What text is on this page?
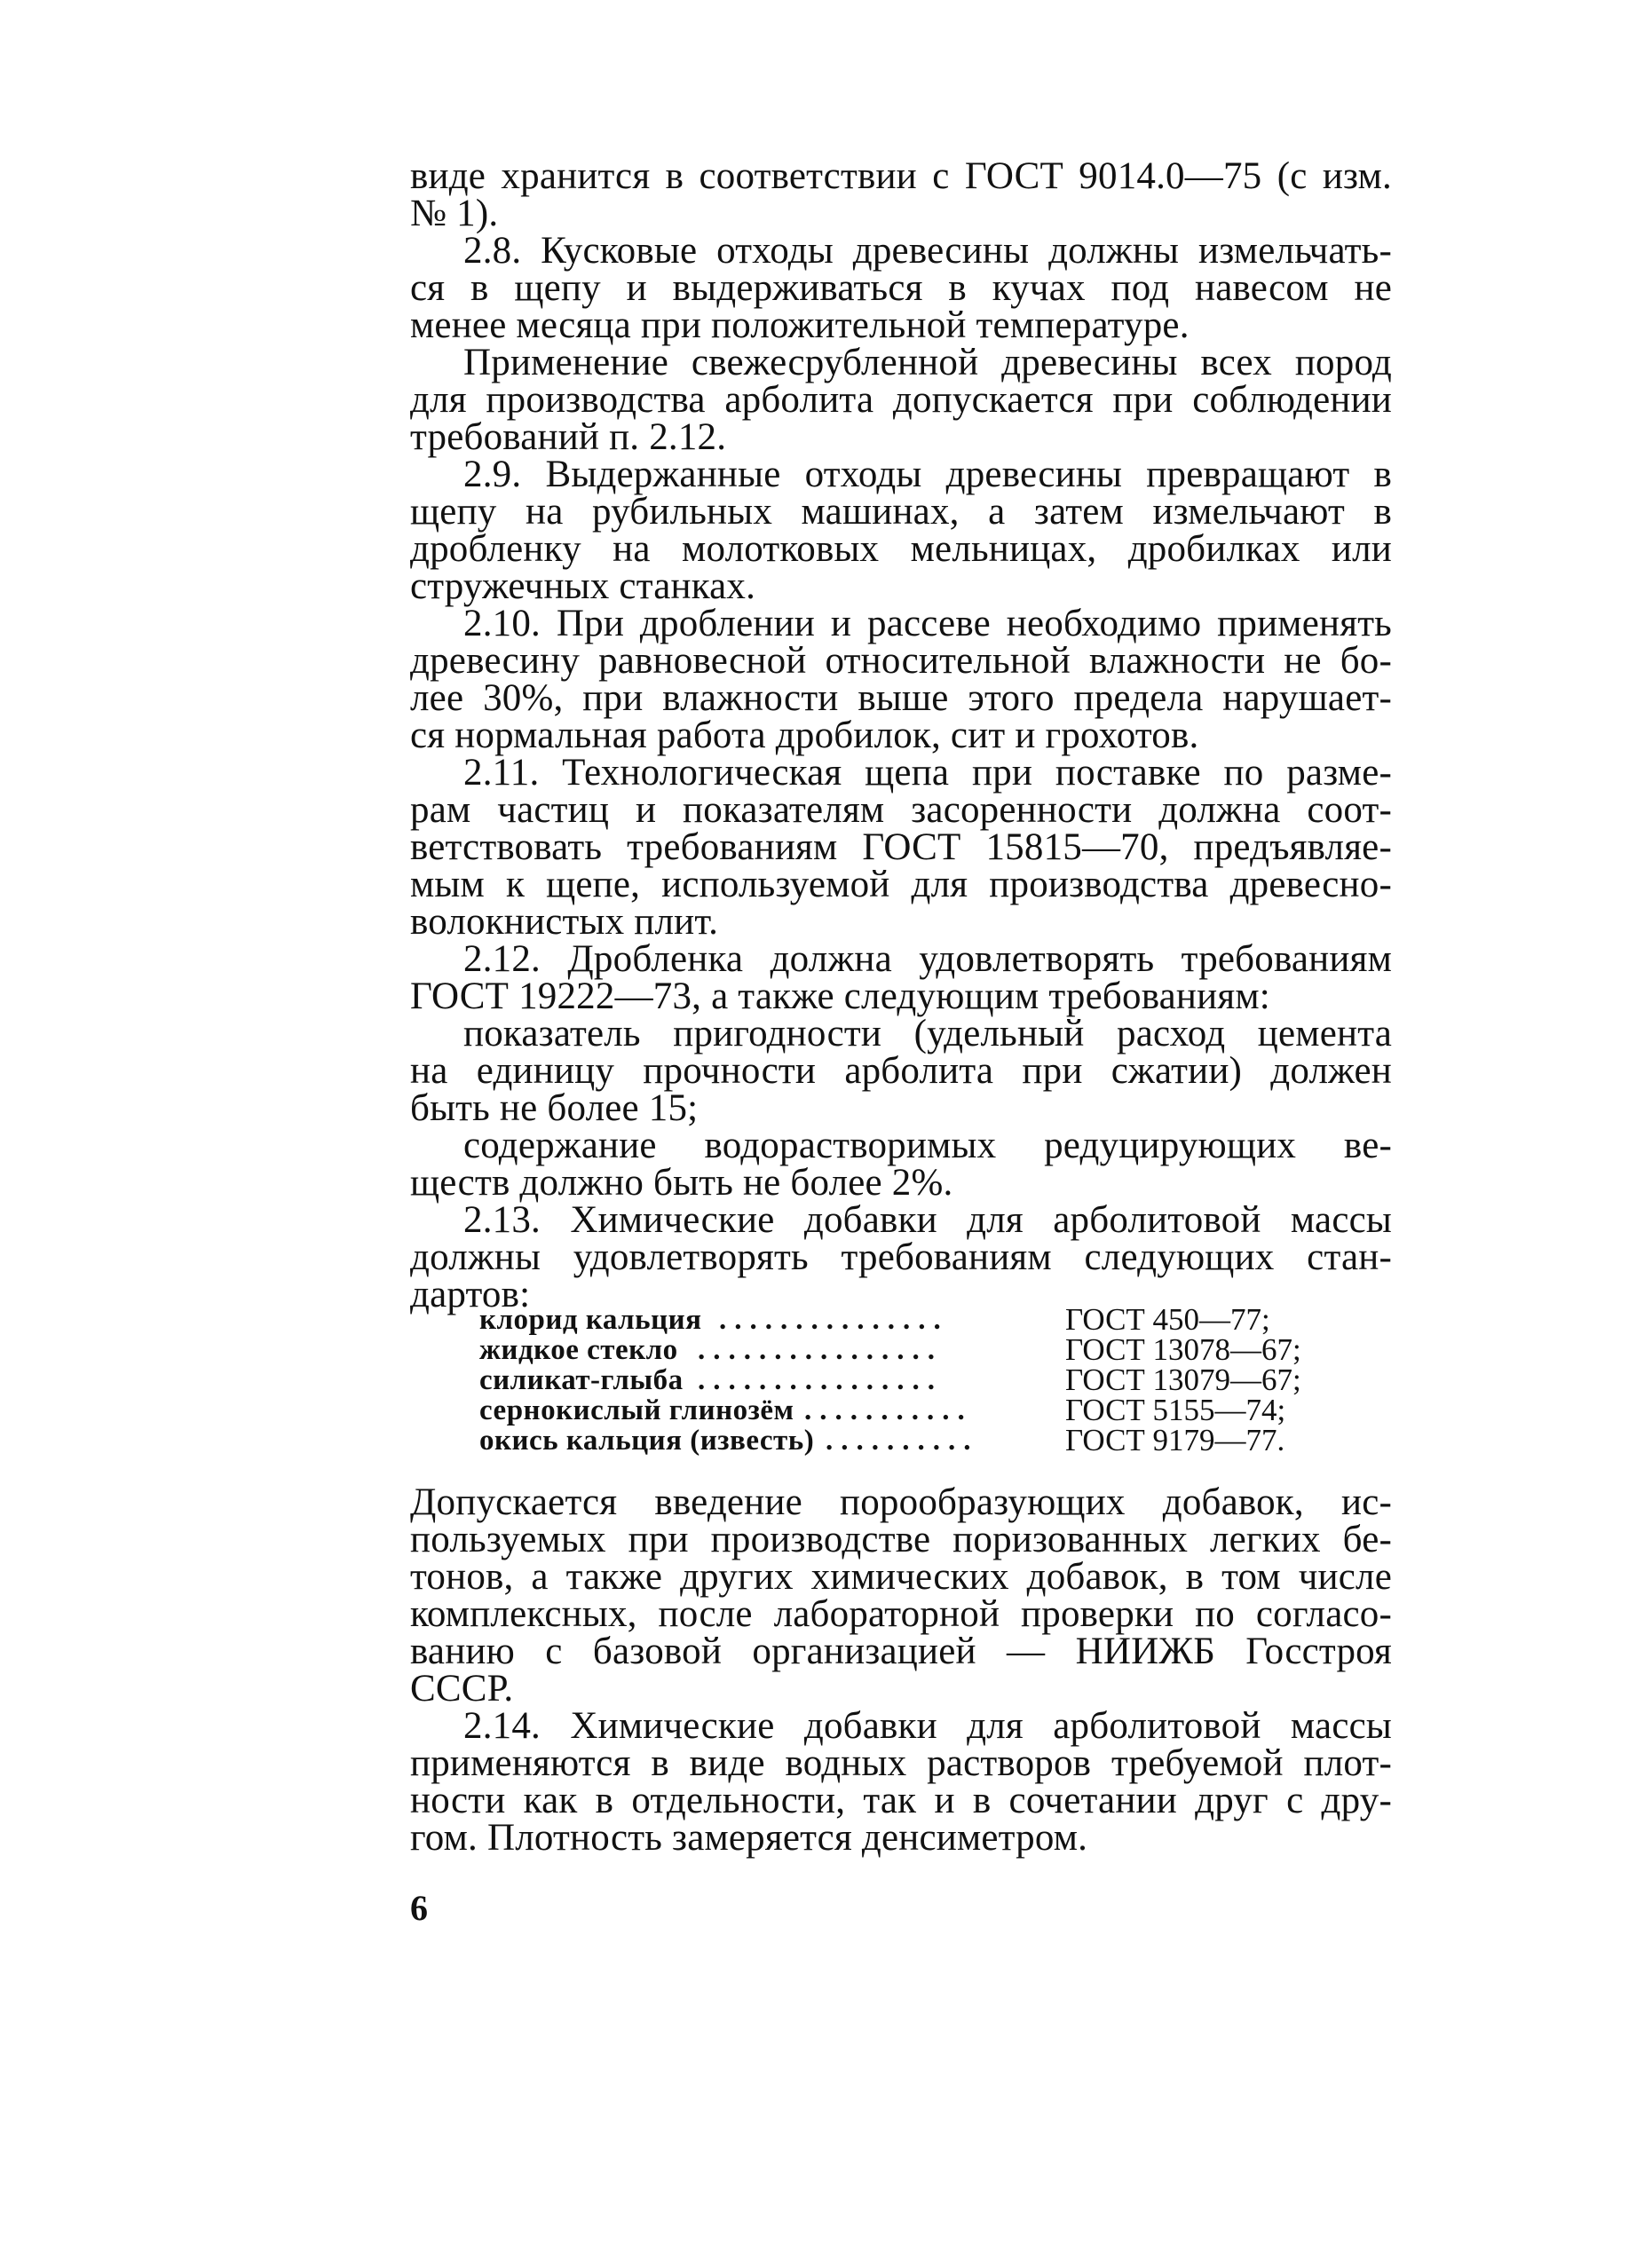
виде хранится в соответствии с ГОСТ 9014.0—75 (с изм.
№ 1).
2.8. Кусковые отходы древесины должны измельчать-
ся в щепу и выдерживаться в кучах под навесом не
менее месяца при положительной температуре.
Применение свежесрубленной древесины всех пород
для производства арболита допускается при соблюдении
требований п. 2.12.
2.9. Выдержанные отходы древесины превращают в
щепу на рубильных машинах, а затем измельчают в
дробленку на молотковых мельницах, дробилках или
стружечных станках.
2.10. При дроблении и рассеве необходимо применять
древесину равновесной относительной влажности не бо-
лее 30%, при влажности выше этого предела нарушает-
ся нормальная работа дробилок, сит и грохотов.
2.11. Технологическая щепа при поставке по разме-
рам частиц и показателям засоренности должна соот-
ветствовать требованиям ГОСТ 15815—70, предъявляе-
мым к щепе, используемой для производства древесно-
волокнистых плит.
2.12. Дробленка должна удовлетворять требованиям
ГОСТ 19222—73, а также следующим требованиям:
показатель пригодности (удельный расход цемента
на единицу прочности арболита при сжатии) должен
быть не более 15;
содержание водорастворимых редуцирующих ве-
ществ должно быть не более 2%.
2.13. Химические добавки для арболитовой массы
должны удовлетворять требованиям следующих стан-
дартов:
клорид кальция ...............	ГОСТ 450—77;
жидкое стекло ................	ГОСТ 13078—67;
силикат-глыба ................	ГОСТ 13079—67;
сернокислый глинозём ...........	ГОСТ 5155—74;
окись кальция (известь) ..........	ГОСТ 9179—77.
Допускается введение порообразующих добавок, ис-
пользуемых при производстве поризованных легких бе-
тонов, а также других химических добавок, в том числе
комплексных, после лабораторной проверки по согласо-
ванию с базовой организацией — НИИЖБ Госстроя
СССР.
2.14. Химические добавки для арболитовой массы
применяются в виде водных растворов требуемой плот-
ности как в отдельности, так и в сочетании друг с дру-
гом. Плотность замеряется денсиметром.
6
